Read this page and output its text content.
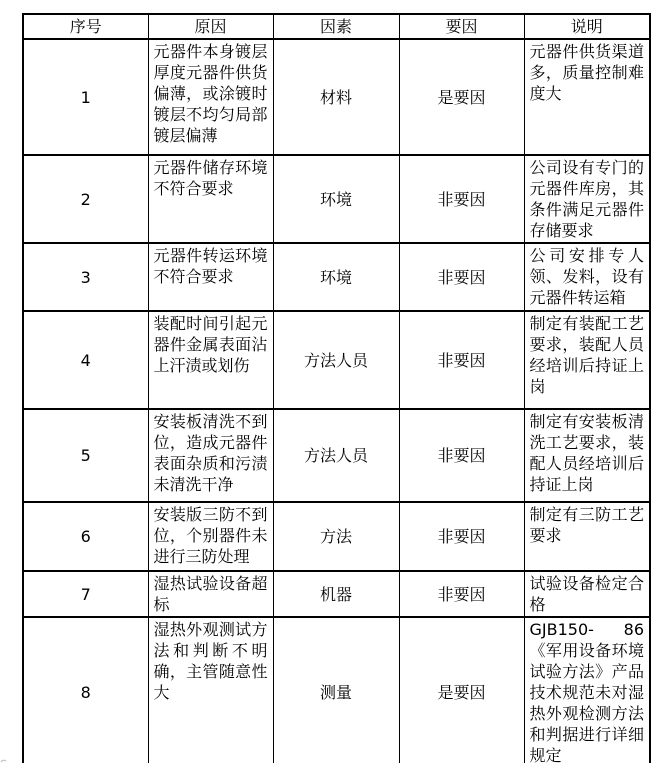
序号	原因	因素	要因	说明
1	元器件本身镀层厚度元器件供货偏薄，或涂镀时镀层不均匀局部镀层偏薄	材料	是要因	元器件供货渠道多，质量控制难度大
2	元器件储存环境不符合要求	环境	非要因	公司设有专门的元器件库房，其条件满足元器件存储要求
3	元器件转运环境不符合要求	环境	非要因	公司安排专人领、发料，设有元器件转运箱
4	装配时间引起元器件金属表面沾上汗渍或划伤	方法人员	非要因	制定有装配工艺要求，装配人员经培训后持证上岗
5	安装板清洗不到位，造成元器件表面杂质和污渍未清洗干净	方法人员	非要因	制定有安装板清洗工艺要求，装配人员经培训后持证上岗
6	安装版三防不到位，个别器件未进行三防处理	方法	非要因	制定有三防工艺要求
7	湿热试验设备超标	机器	非要因	试验设备检定合格
8	湿热外观测试方法和判断不明确，主管随意性大	测量	是要因	GJB150- 86《军用设备环境试验方法》产品技术规范未对湿热外观检测方法和判据进行详细规定
